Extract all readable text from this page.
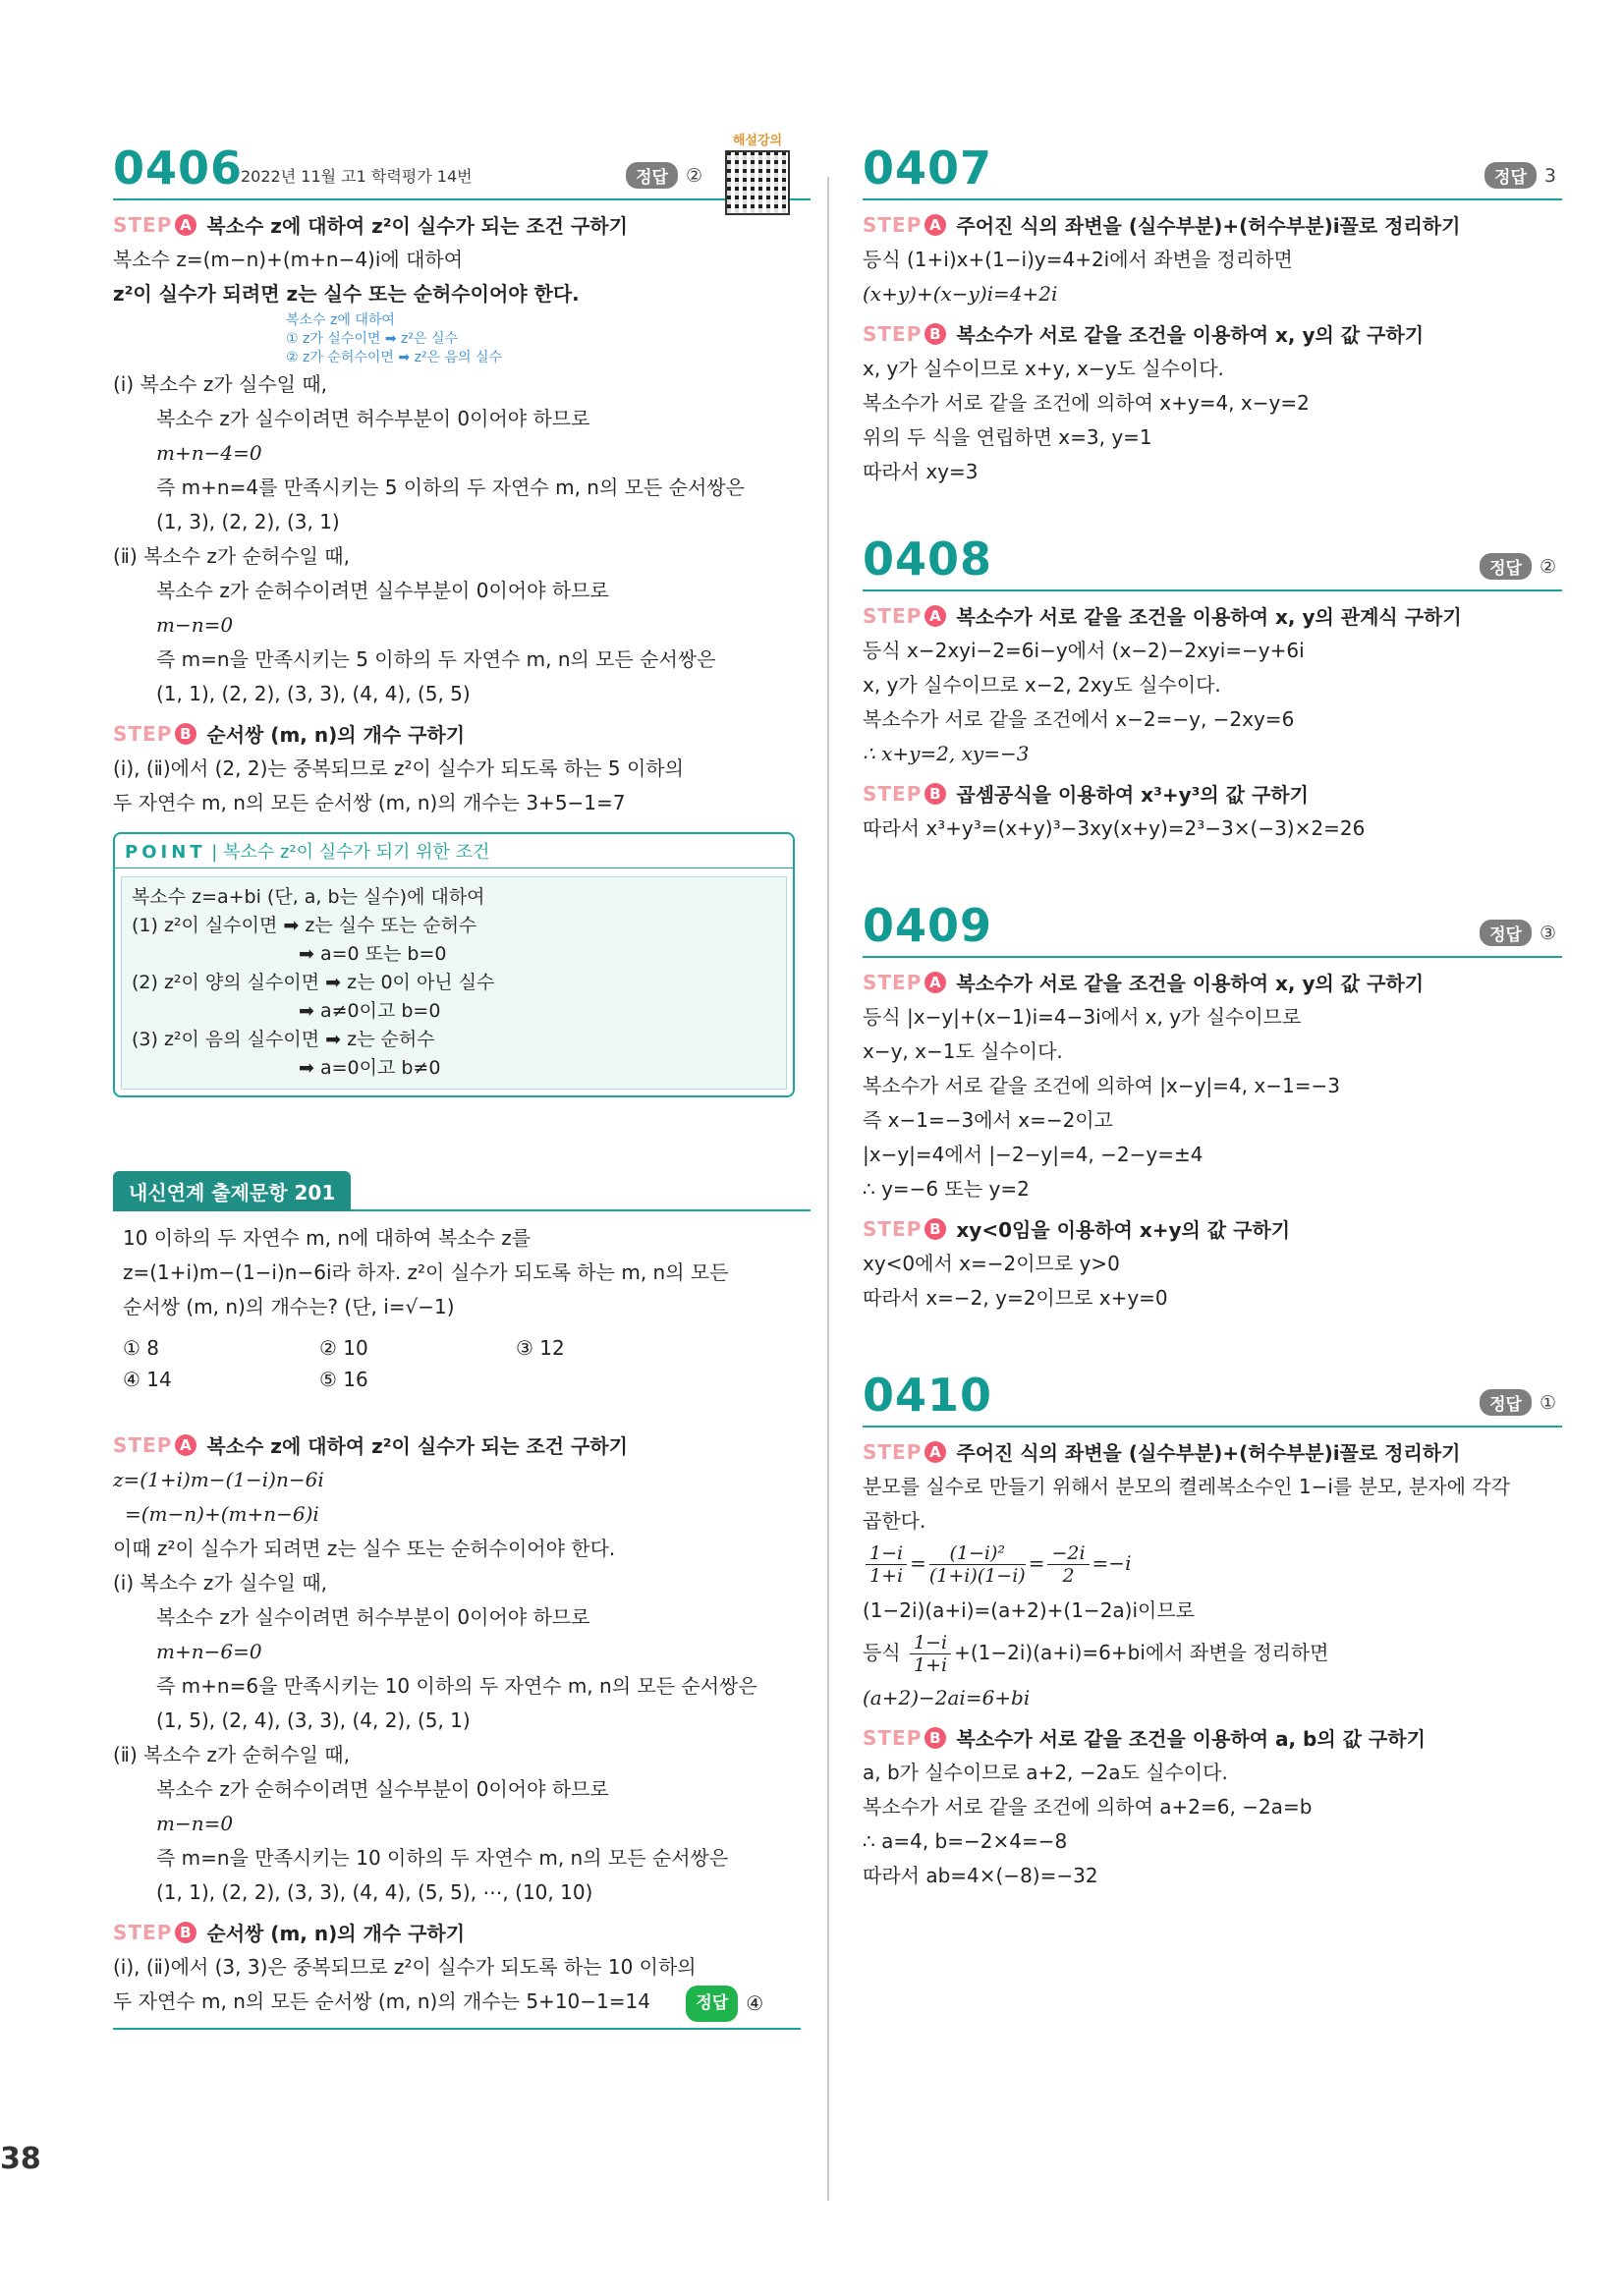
38
0406
2022년 11월 고1 학력평가 14번	정답 ②
해설강의
STEP A 복소수 z에 대하여 z²이 실수가 되는 조건 구하기
복소수 z=(m−n)+(m+n−4)i에 대하여
z²이 실수가 되려면 z는 실수 또는 순허수이어야 한다.
복소수 z에 대하여
① z가 실수이면 ➡ z²은 실수
② z가 순허수이면 ➡ z²은 음의 실수
(ⅰ) 복소수 z가 실수일 때,
복소수 z가 실수이려면 허수부분이 0이어야 하므로
m+n−4=0
즉 m+n=4를 만족시키는 5 이하의 두 자연수 m, n의 모든 순서쌍은
(1, 3), (2, 2), (3, 1)
(ⅱ) 복소수 z가 순허수일 때,
복소수 z가 순허수이려면 실수부분이 0이어야 하므로
m−n=0
즉 m=n을 만족시키는 5 이하의 두 자연수 m, n의 모든 순서쌍은
(1, 1), (2, 2), (3, 3), (4, 4), (5, 5)
STEP B 순서쌍 (m, n)의 개수 구하기
(ⅰ), (ⅱ)에서 (2, 2)는 중복되므로 z²이 실수가 되도록 하는 5 이하의
두 자연수 m, n의 모든 순서쌍 (m, n)의 개수는 3+5−1=7
POINT | 복소수 z²이 실수가 되기 위한 조건
복소수 z=a+bi (단, a, b는 실수)에 대하여
(1) z²이 실수이면 ➡ z는 실수 또는 순허수
➡ a=0 또는 b=0
(2) z²이 양의 실수이면 ➡ z는 0이 아닌 실수
➡ a≠0이고 b=0
(3) z²이 음의 실수이면 ➡ z는 순허수
➡ a=0이고 b≠0
내신연계 출제문항 201
10 이하의 두 자연수 m, n에 대하여 복소수 z를
z=(1+i)m−(1−i)n−6i라 하자. z²이 실수가 되도록 하는 m, n의 모든
순서쌍 (m, n)의 개수는? (단, i=√−1)
① 8	② 10	③ 12
④ 14	⑤ 16
STEP A 복소수 z에 대하여 z²이 실수가 되는 조건 구하기
z=(1+i)m−(1−i)n−6i
=(m−n)+(m+n−6)i
이때 z²이 실수가 되려면 z는 실수 또는 순허수이어야 한다.
(ⅰ) 복소수 z가 실수일 때,
복소수 z가 실수이려면 허수부분이 0이어야 하므로
m+n−6=0
즉 m+n=6을 만족시키는 10 이하의 두 자연수 m, n의 모든 순서쌍은
(1, 5), (2, 4), (3, 3), (4, 2), (5, 1)
(ⅱ) 복소수 z가 순허수일 때,
복소수 z가 순허수이려면 실수부분이 0이어야 하므로
m−n=0
즉 m=n을 만족시키는 10 이하의 두 자연수 m, n의 모든 순서쌍은
(1, 1), (2, 2), (3, 3), (4, 4), (5, 5), ⋯, (10, 10)
STEP B 순서쌍 (m, n)의 개수 구하기
(ⅰ), (ⅱ)에서 (3, 3)은 중복되므로 z²이 실수가 되도록 하는 10 이하의
두 자연수 m, n의 모든 순서쌍 (m, n)의 개수는 5+10−1=14	정답 ④
0407	정답 3
STEP A 주어진 식의 좌변을 (실수부분)+(허수부분)i꼴로 정리하기
등식 (1+i)x+(1−i)y=4+2i에서 좌변을 정리하면
(x+y)+(x−y)i=4+2i
STEP B 복소수가 서로 같을 조건을 이용하여 x, y의 값 구하기
x, y가 실수이므로 x+y, x−y도 실수이다.
복소수가 서로 같을 조건에 의하여 x+y=4, x−y=2
위의 두 식을 연립하면 x=3, y=1
따라서 xy=3
0408	정답 ②
STEP A 복소수가 서로 같을 조건을 이용하여 x, y의 관계식 구하기
등식 x−2xyi−2=6i−y에서 (x−2)−2xyi=−y+6i
x, y가 실수이므로 x−2, 2xy도 실수이다.
복소수가 서로 같을 조건에서 x−2=−y, −2xy=6
∴ x+y=2, xy=−3
STEP B 곱셈공식을 이용하여 x³+y³의 값 구하기
따라서 x³+y³=(x+y)³−3xy(x+y)=2³−3×(−3)×2=26
0409	정답 ③
STEP A 복소수가 서로 같을 조건을 이용하여 x, y의 값 구하기
등식 |x−y|+(x−1)i=4−3i에서 x, y가 실수이므로
x−y, x−1도 실수이다.
복소수가 서로 같을 조건에 의하여 |x−y|=4, x−1=−3
즉 x−1=−3에서 x=−2이고
|x−y|=4에서 |−2−y|=4, −2−y=±4
∴ y=−6 또는 y=2
STEP B xy<0임을 이용하여 x+y의 값 구하기
xy<0에서 x=−2이므로 y>0
따라서 x=−2, y=2이므로 x+y=0
0410	정답 ①
STEP A 주어진 식의 좌변을 (실수부분)+(허수부분)i꼴로 정리하기
분모를 실수로 만들기 위해서 분모의 켤레복소수인 1−i를 분모, 분자에 각각
곱한다.
$\frac{1-i}{1+i} = \frac{\text{(1−i)²}}{(1+i)(1-i)} = \frac{-2i}{2} =-i$
(1−2i)(a+i)=(a+2)+(1−2a)i이므로
등식 $\frac{1-i}{1+i} +(1-2i)(a+i)=6+bi$에서 좌변을 정리하면
(a+2)−2ai=6+bi
STEP B 복소수가 서로 같을 조건을 이용하여 a, b의 값 구하기
a, b가 실수이므로 a+2, −2a도 실수이다.
복소수가 서로 같을 조건에 의하여 a+2=6, −2a=b
∴ a=4, b=−2×4=−8
따라서 ab=4×(−8)=−32
